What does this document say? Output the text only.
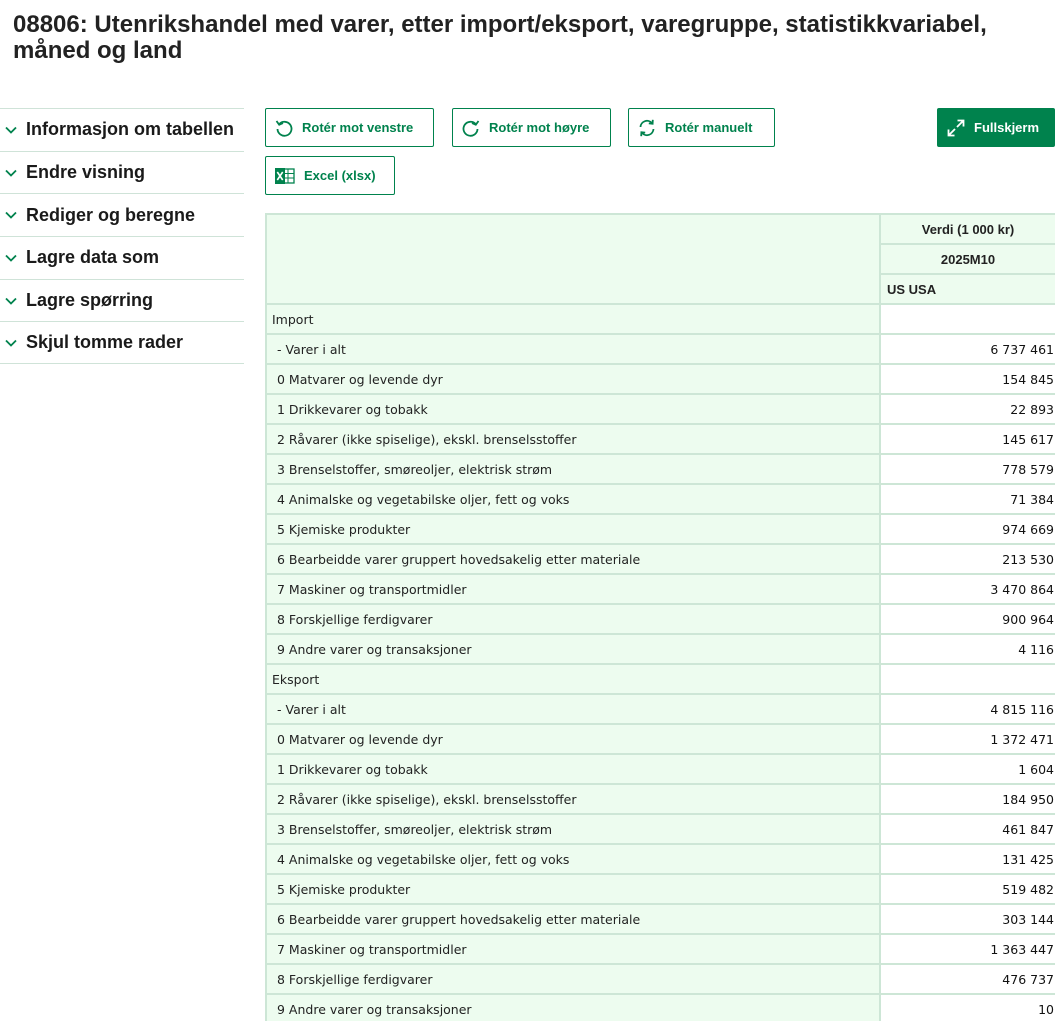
08806: Utenrikshandel med varer, etter import/eksport, varegruppe, statistikkvariabel, måned og land
Informasjon om tabellen
Endre visning
Rediger og beregne
Lagre data som
Lagre spørring
Skjul tomme rader
Rotér mot venstre	Rotér mot høyre	Rotér manuelt	Fullskjerm
Excel (xlsx)
	Verdi (1 000 kr)
	2025M10
	US USA
Import	
- Varer i alt	6 737 461
0 Matvarer og levende dyr	154 845
1 Drikkevarer og tobakk	22 893
2 Råvarer (ikke spiselige), ekskl. brenselsstoffer	145 617
3 Brenselstoffer, smøreoljer, elektrisk strøm	778 579
4 Animalske og vegetabilske oljer, fett og voks	71 384
5 Kjemiske produkter	974 669
6 Bearbeidde varer gruppert hovedsakelig etter materiale	213 530
7 Maskiner og transportmidler	3 470 864
8 Forskjellige ferdigvarer	900 964
9 Andre varer og transaksjoner	4 116
Eksport	
- Varer i alt	4 815 116
0 Matvarer og levende dyr	1 372 471
1 Drikkevarer og tobakk	1 604
2 Råvarer (ikke spiselige), ekskl. brenselsstoffer	184 950
3 Brenselstoffer, smøreoljer, elektrisk strøm	461 847
4 Animalske og vegetabilske oljer, fett og voks	131 425
5 Kjemiske produkter	519 482
6 Bearbeidde varer gruppert hovedsakelig etter materiale	303 144
7 Maskiner og transportmidler	1 363 447
8 Forskjellige ferdigvarer	476 737
9 Andre varer og transaksjoner	10
